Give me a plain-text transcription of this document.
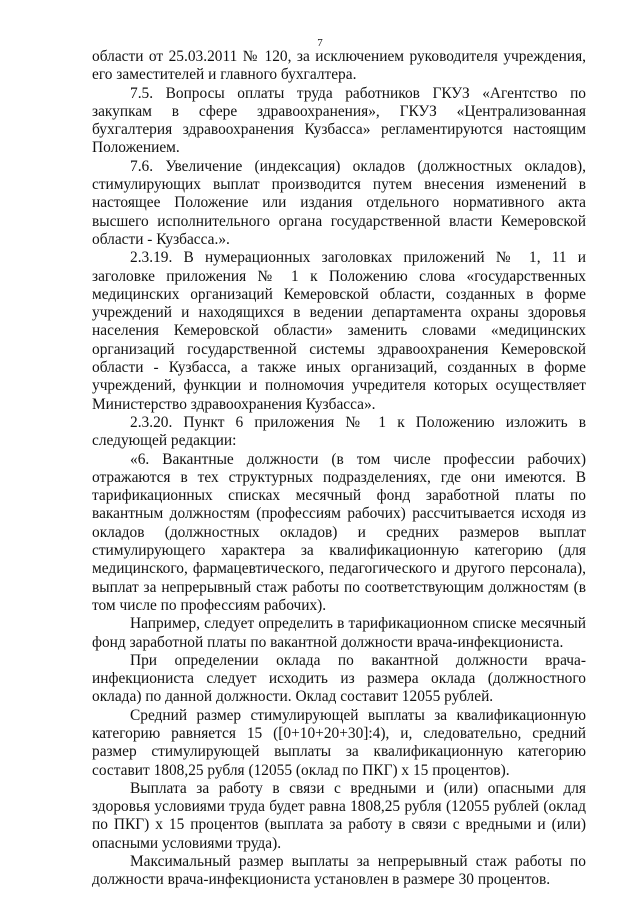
7

области от 25.03.2011 № 120, за исключением руководителя учреждения, его заместителей и главного бухгалтера.

7.5. Вопросы оплаты труда работников ГКУЗ «Агентство по закупкам в сфере здравоохранения», ГКУЗ «Централизованная бухгалтерия здравоохранения Кузбасса» регламентируются настоящим Положением.

7.6. Увеличение (индексация) окладов (должностных окладов), стимулирующих выплат производится путем внесения изменений в настоящее Положение или издания отдельного нормативного акта высшего исполнительного органа государственной власти Кемеровской области - Кузбасса.».

2.3.19. В нумерационных заголовках приложений № 1, 11 и заголовке приложения № 1 к Положению слова «государственных медицинских организаций Кемеровской области, созданных в форме учреждений и находящихся в ведении департамента охраны здоровья населения Кемеровской области» заменить словами «медицинских организаций государственной системы здравоохранения Кемеровской области - Кузбасса, а также иных организаций, созданных в форме учреждений, функции и полномочия учредителя которых осуществляет Министерство здравоохранения Кузбасса».

2.3.20. Пункт 6 приложения № 1 к Положению изложить в следующей редакции:

«6. Вакантные должности (в том числе профессии рабочих) отражаются в тех структурных подразделениях, где они имеются. В тарификационных списках месячный фонд заработной платы по вакантным должностям (профессиям рабочих) рассчитывается исходя из окладов (должностных окладов) и средних размеров выплат стимулирующего характера за квалификационную категорию (для медицинского, фармацевтического, педагогического и другого персонала), выплат за непрерывный стаж работы по соответствующим должностям (в том числе по профессиям рабочих).

Например, следует определить в тарификационном списке месячный фонд заработной платы по вакантной должности врача-инфекциониста.

При определении оклада по вакантной должности врача-инфекциониста следует исходить из размера оклада (должностного оклада) по данной должности. Оклад составит 12055 рублей.

Средний размер стимулирующей выплаты за квалификационную категорию равняется 15 ([0+10+20+30]:4), и, следовательно, средний размер стимулирующей выплаты за квалификационную категорию составит 1808,25 рубля (12055 (оклад по ПКГ) х 15 процентов).

Выплата за работу в связи с вредными и (или) опасными для здоровья условиями труда будет равна 1808,25 рубля (12055 рублей (оклад по ПКГ) х 15 процентов (выплата за работу в связи с вредными и (или) опасными условиями труда).

Максимальный размер выплаты за непрерывный стаж работы по должности врача-инфекциониста установлен в размере 30 процентов.
